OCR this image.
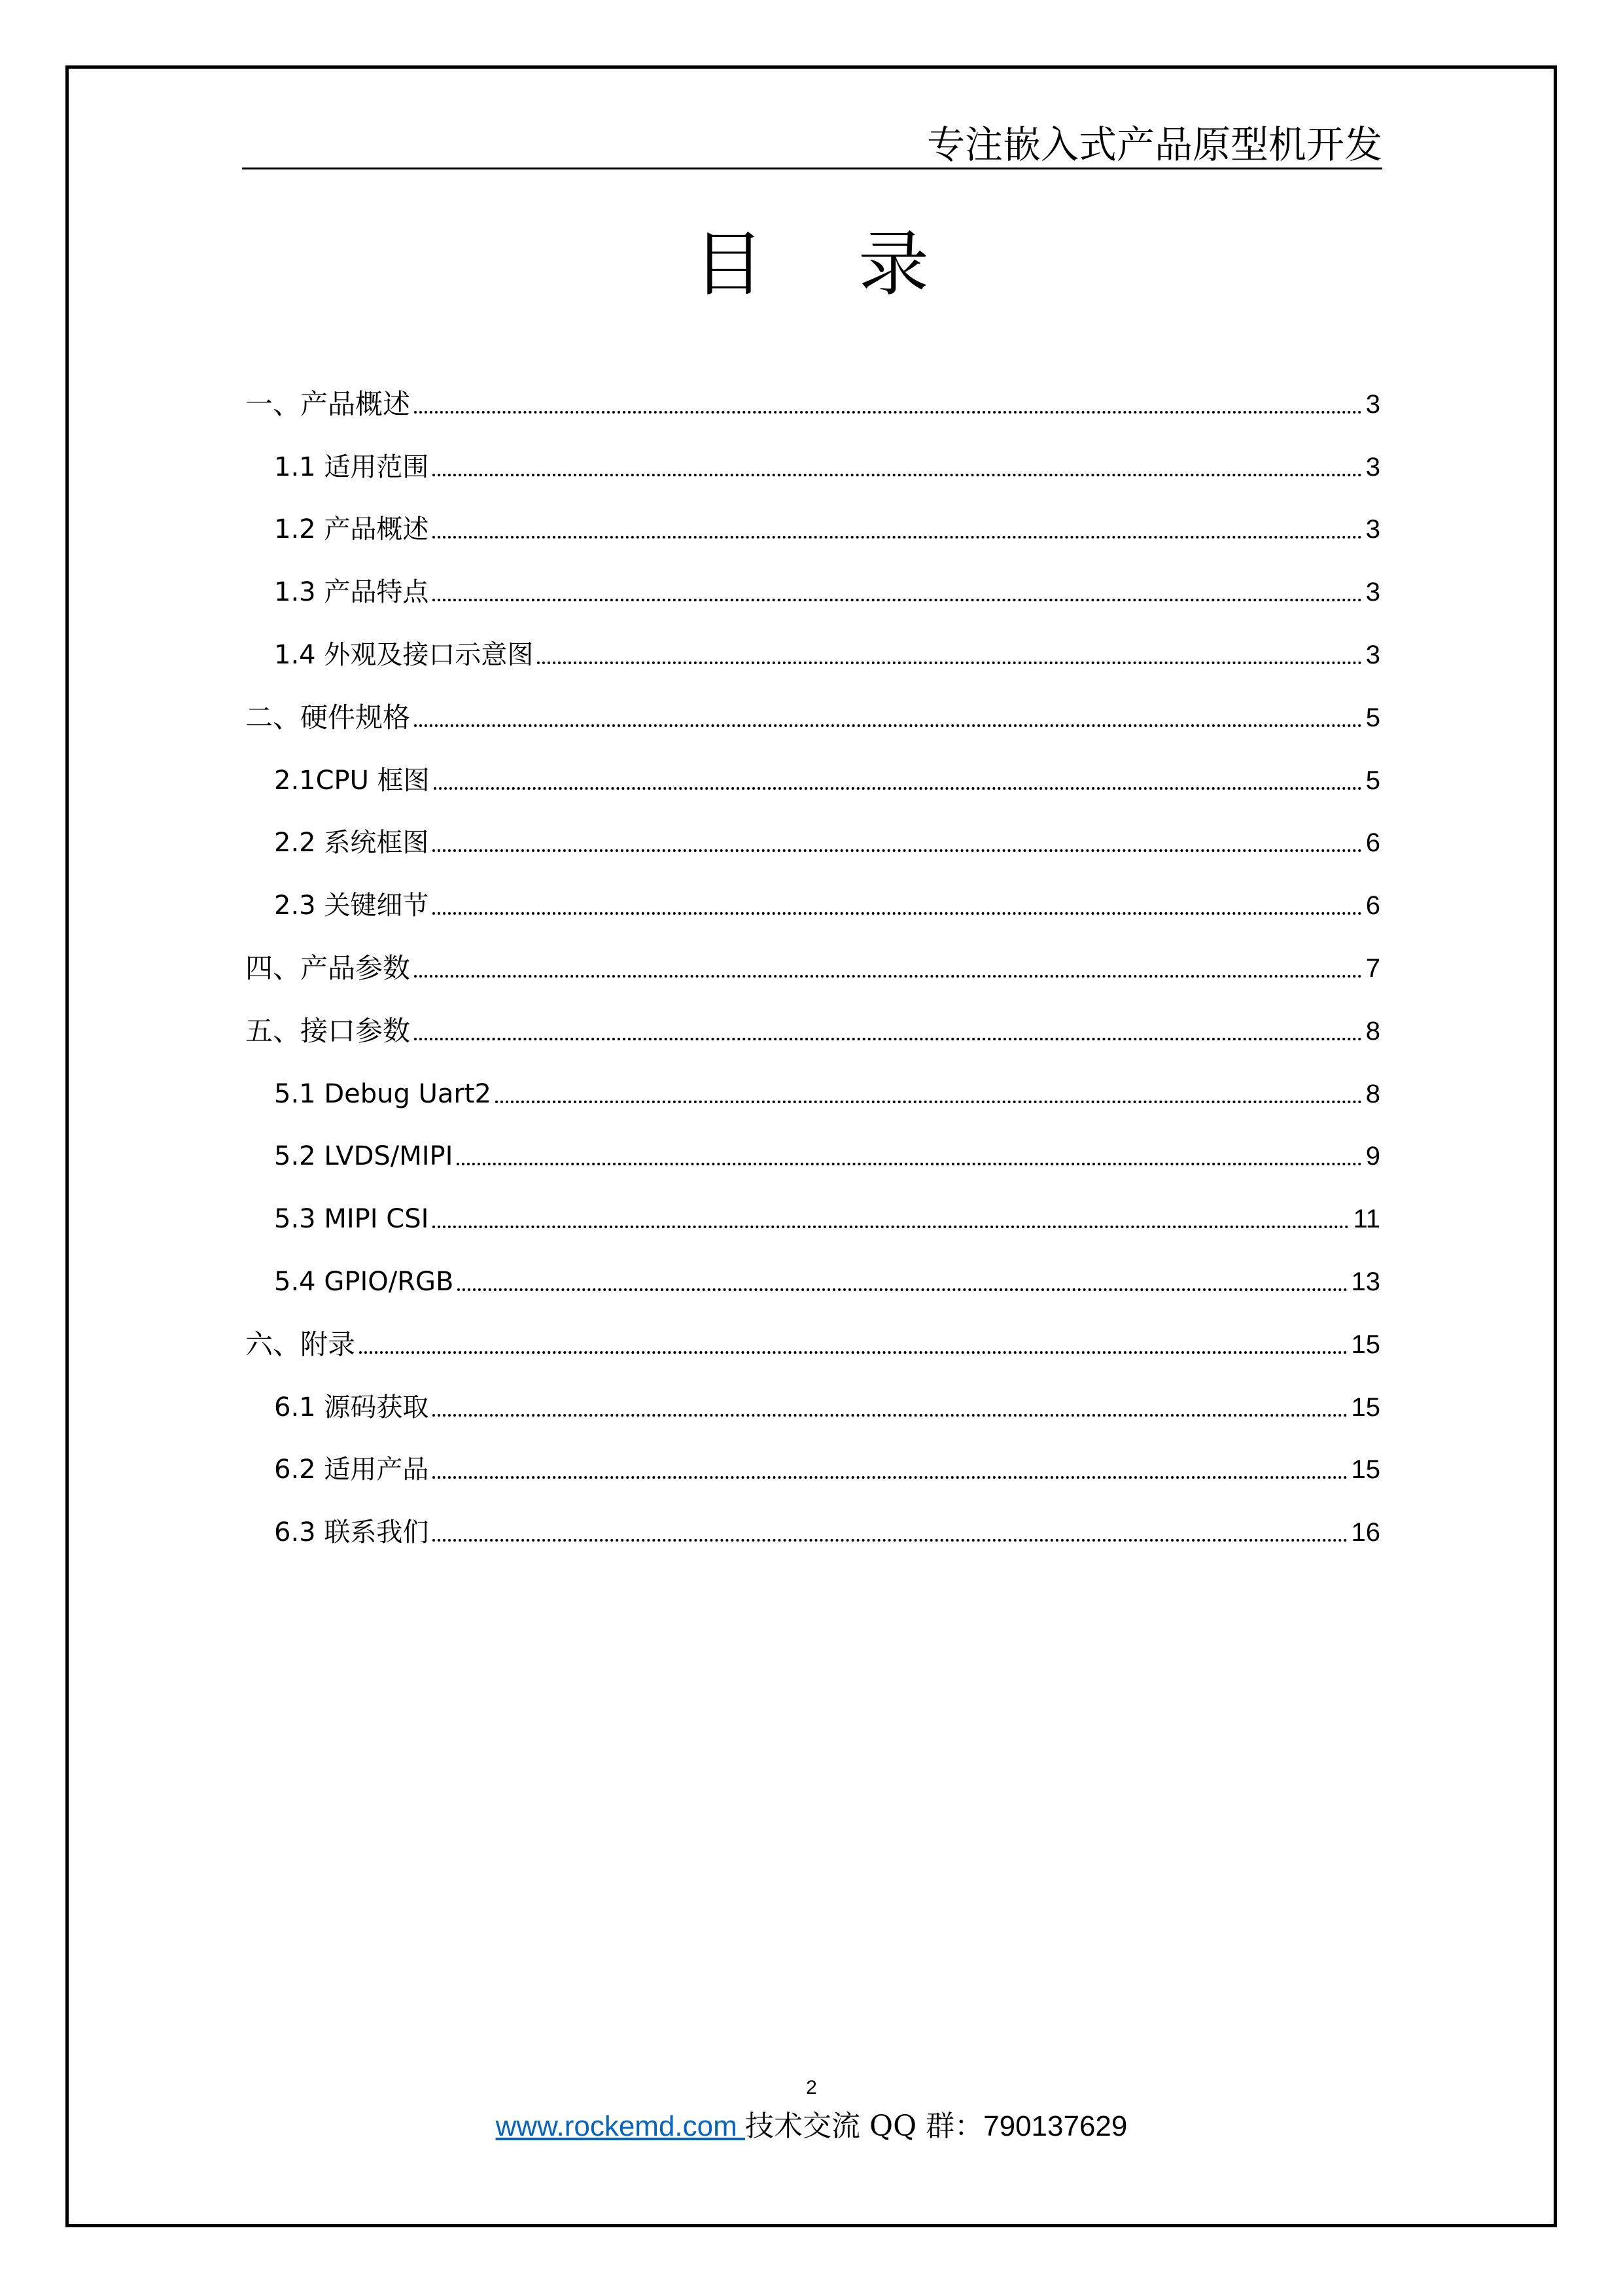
专注嵌入式产品原型机开发
目 录
一、产品概述	3
1.1 适用范围	3
1.2 产品概述	3
1.3 产品特点	3
1.4 外观及接口示意图	3
二、硬件规格	5
2.1CPU 框图	5
2.2 系统框图	6
2.3 关键细节	6
四、产品参数	7
五、接口参数	8
5.1 Debug Uart2	8
5.2 LVDS/MIPI	9
5.3 MIPI CSI	11
5.4 GPIO/RGB	13
六、附录	15
6.1 源码获取	15
6.2 适用产品	15
6.3 联系我们	16
2
www.rockemd.com 技术交流 QQ 群：790137629
